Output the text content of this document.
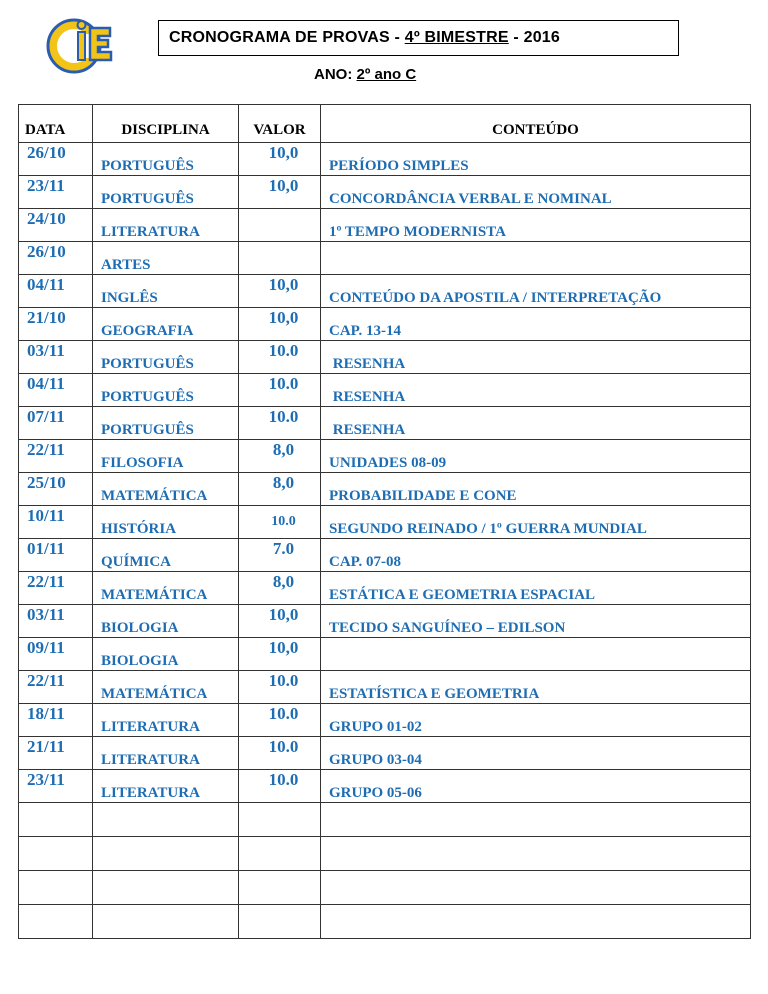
CRONOGRAMA DE PROVAS - 4º BIMESTRE - 2016
ANO: 2º ano C
DATA	DISCIPLINA	VALOR	CONTEÚDO
26/10	PORTUGUÊS	10,0	PERÍODO SIMPLES
23/11	PORTUGUÊS	10,0	CONCORDÂNCIA VERBAL E NOMINAL
24/10	LITERATURA		1º TEMPO MODERNISTA
26/10	ARTES		
04/11	INGLÊS	10,0	CONTEÚDO DA APOSTILA / INTERPRETAÇÃO
21/10	GEOGRAFIA	10,0	CAP. 13-14
03/11	PORTUGUÊS	10.0	RESENHA
04/11	PORTUGUÊS	10.0	RESENHA
07/11	PORTUGUÊS	10.0	RESENHA
22/11	FILOSOFIA	8,0	UNIDADES 08-09
25/10	MATEMÁTICA	8,0	PROBABILIDADE E CONE
10/11	HISTÓRIA	10.0	SEGUNDO REINADO / 1º GUERRA MUNDIAL
01/11	QUÍMICA	7.0	CAP. 07-08
22/11	MATEMÁTICA	8,0	ESTÁTICA E GEOMETRIA ESPACIAL
03/11	BIOLOGIA	10,0	TECIDO SANGUÍNEO – EDILSON
09/11	BIOLOGIA	10,0	
22/11	MATEMÁTICA	10.0	ESTATÍSTICA E GEOMETRIA
18/11	LITERATURA	10.0	GRUPO 01-02
21/11	LITERATURA	10.0	GRUPO 03-04
23/11	LITERATURA	10.0	GRUPO 05-06
